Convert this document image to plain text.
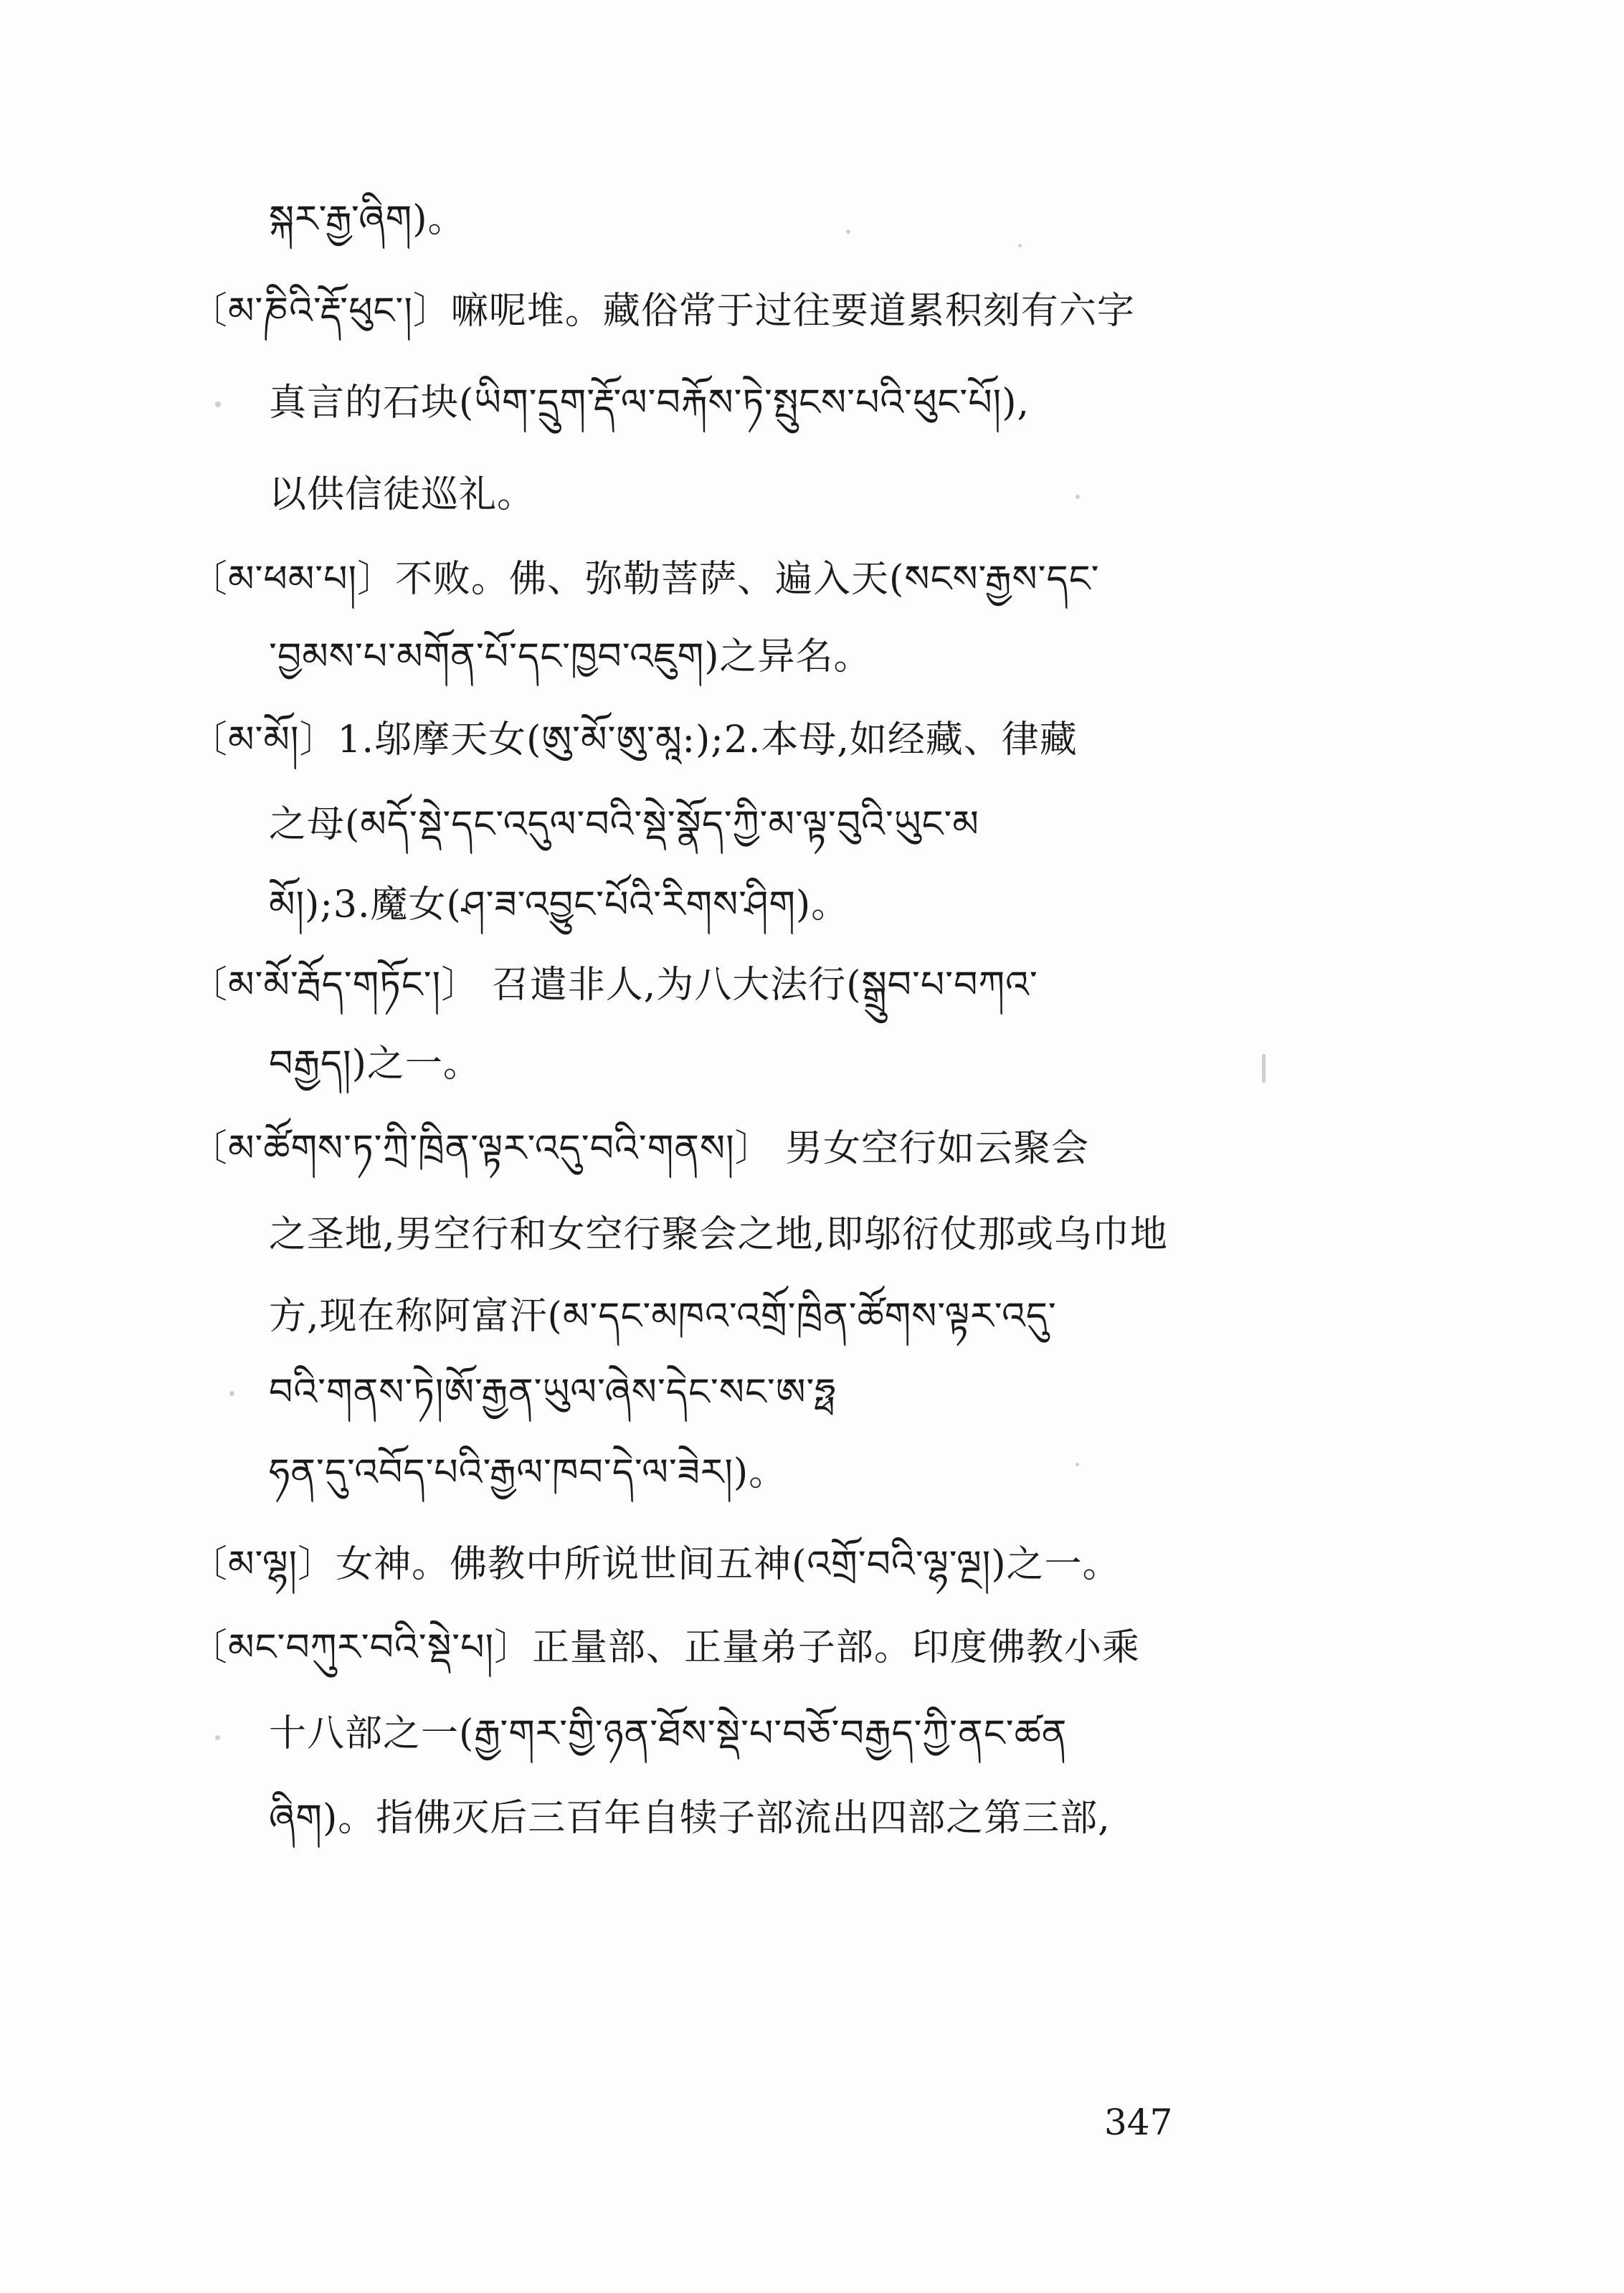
སྐར་རྒྱ་ཞིག)。
〔མ་ཎིའི་རྡོ་ཕུང་།〕嘛呢堆。藏俗常于过往要道累积刻有六字
真言的石块(ཡིག་དྲུག་རྡོ་ལ་བརྐོས་ཏེ་སྤུངས་པའི་ཕུང་པོ།),
以供信徒巡礼。
〔མ་ཕམ་པ།〕不败。佛、弥勒菩萨、遍入天(སངས་རྒྱས་དང་
་བྱམས་པ་མགོན་པོ་དང་ཁྱབ་འཇུག)之异名。
〔མ་མོ།〕1.邬摩天女(ཨུ་མོ་ཨུ་མཱ:);2.本母,如经藏、律藏
之母(མདོ་སྡེ་དང་འདུལ་བའི་སྡེ་སྣོད་ཀྱི་མ་ལྟ་བུའི་ཡུང་མ
མོ།);3.魔女(ཤ་ཟ་འབྱུང་པོའི་རིགས་ཤིག)。
〔མ་མོ་རྦོད་གཏོང་།〕 召遣非人,为八大法行(སྒྲུབ་པ་བཀའ་
བརྒྱད།)之一。
〔མ་ཚོགས་ཏ་ཀྲི་ཁྲིན་ལྟར་འདུ་བའི་གནས།〕 男女空行如云聚会
之圣地,男空行和女空行聚会之地,即邬衍仗那或乌巾地
方,现在称阿富汗(མ་དང་མཁའ་འགྲོ་ཁྲིན་ཚོགས་ལྟར་འདུ་
བའི་གནས་ཏེ།ཨོ་རྒྱན་ཡུལ་ཞེས་དེང་སང་ཨ་ཧྥ
ཧན་དུ་འབོད་པའི་རྒྱལ་ཁབ་དེ་ལ་ཟེར།)。
〔མ་ལྷ།〕女神。佛教中所说世间五神(འགྲོ་བའི་ལྷ་ལྔ།)之一。
〔མང་བཀུར་བའི་སྡེ་པ།〕正量部、正量弟子部。印度佛教小乘
十八部之一(རྒྱ་གར་གྱི་ཉན་ཐོས་སྡེ་པ་བཅོ་བརྒྱད་ཀྱི་ནང་ཚན
ཞིག)。指佛灭后三百年自犊子部流出四部之第三部,
347
